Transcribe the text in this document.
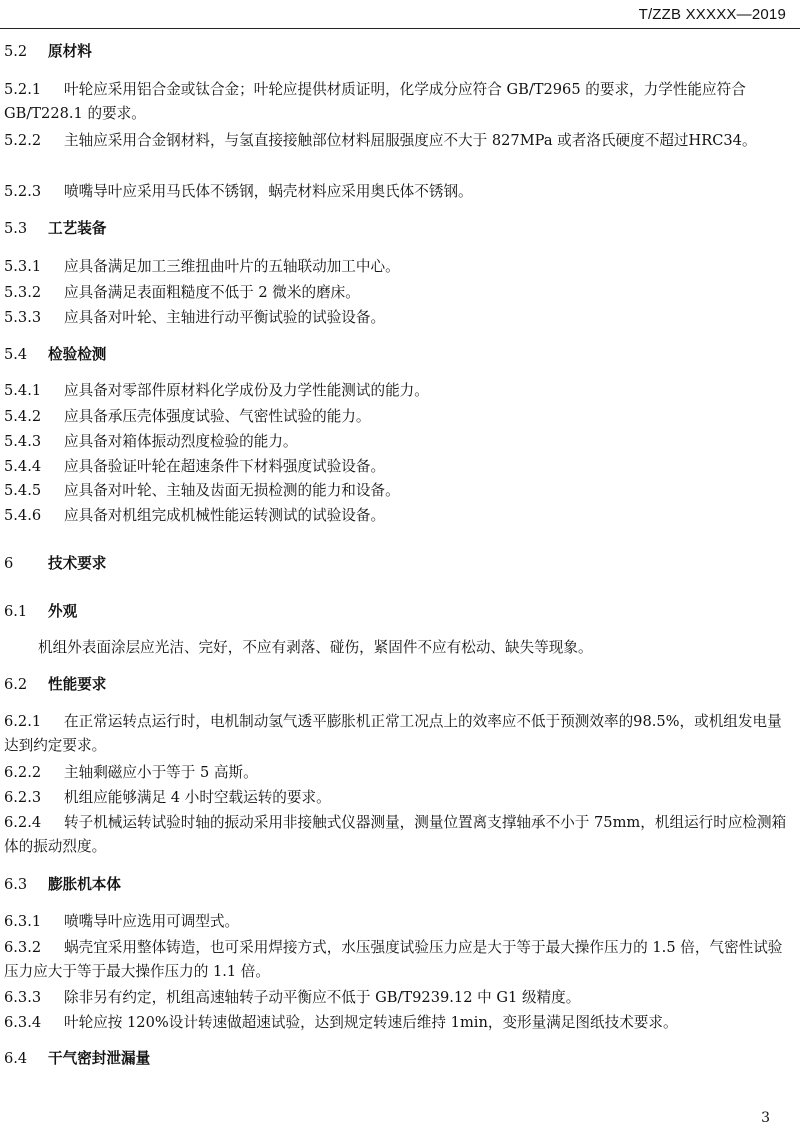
T/ZZB XXXXX—2019
5.2 原材料
5.2.1 叶轮应采用铝合金或钛合金；叶轮应提供材质证明，化学成分应符合 GB/T2965 的要求，力学性能应符合 GB/T228.1 的要求。
5.2.2 主轴应采用合金钢材料，与氢直接接触部位材料屈服强度应不大于 827MPa 或者洛氏硬度不超过HRC34。
5.2.3 喷嘴导叶应采用马氏体不锈钢，蜗壳材料应采用奥氏体不锈钢。
5.3 工艺装备
5.3.1 应具备满足加工三维扭曲叶片的五轴联动加工中心。
5.3.2 应具备满足表面粗糙度不低于 2 微米的磨床。
5.3.3 应具备对叶轮、主轴进行动平衡试验的试验设备。
5.4 检验检测
5.4.1 应具备对零部件原材料化学成份及力学性能测试的能力。
5.4.2 应具备承压壳体强度试验、气密性试验的能力。
5.4.3 应具备对箱体振动烈度检验的能力。
5.4.4 应具备验证叶轮在超速条件下材料强度试验设备。
5.4.5 应具备对叶轮、主轴及齿面无损检测的能力和设备。
5.4.6 应具备对机组完成机械性能运转测试的试验设备。
6 技术要求
6.1 外观
机组外表面涂层应光洁、完好，不应有剥落、碰伤，紧固件不应有松动、缺失等现象。
6.2 性能要求
6.2.1 在正常运转点运行时，电机制动氢气透平膨胀机正常工况点上的效率应不低于预测效率的98.5%，或机组发电量达到约定要求。
6.2.2 主轴剩磁应小于等于 5 高斯。
6.2.3 机组应能够满足 4 小时空载运转的要求。
6.2.4 转子机械运转试验时轴的振动采用非接触式仪器测量，测量位置离支撑轴承不小于 75mm，机组运行时应检测箱体的振动烈度。
6.3 膨胀机本体
6.3.1 喷嘴导叶应选用可调型式。
6.3.2 蜗壳宜采用整体铸造，也可采用焊接方式，水压强度试验压力应是大于等于最大操作压力的 1.5 倍，气密性试验压力应大于等于最大操作压力的 1.1 倍。
6.3.3 除非另有约定，机组高速轴转子动平衡应不低于 GB/T9239.12 中 G1 级精度。
6.3.4 叶轮应按 120%设计转速做超速试验，达到规定转速后维持 1min，变形量满足图纸技术要求。
6.4 干气密封泄漏量
3
